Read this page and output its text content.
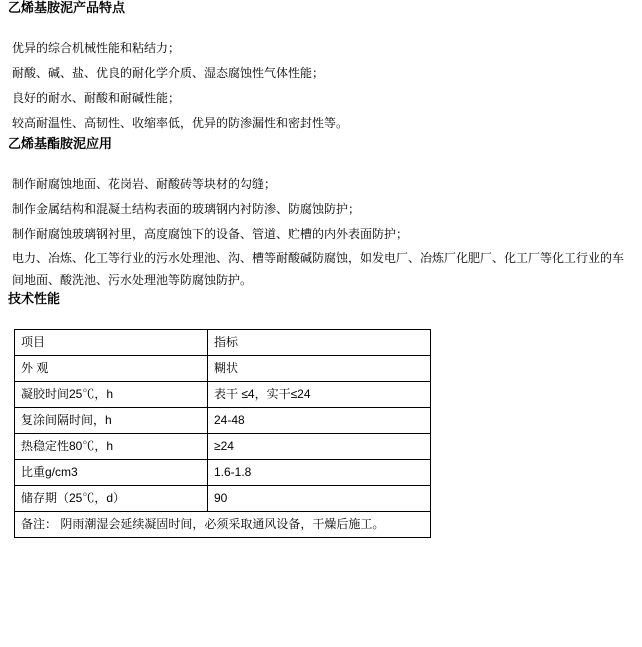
乙烯基胺泥产品特点

优异的综合机械性能和粘结力；

耐酸、碱、盐、优良的耐化学介质、湿态腐蚀性气体性能；

良好的耐水、耐酸和耐碱性能；

较高耐温性、高韧性、收缩率低，优异的防渗漏性和密封性等。

乙烯基酯胺泥应用

制作耐腐蚀地面、花岗岩、耐酸砖等块材的勾缝；

制作金属结构和混凝土结构表面的玻璃钢内衬防渗、防腐蚀防护；

制作耐腐蚀玻璃钢衬里，高度腐蚀下的设备、管道、贮槽的内外表面防护；

电力、冶炼、化工等行业的污水处理池、沟、槽等耐酸碱防腐蚀，如发电厂、冶炼厂化肥厂、化工厂等化工行业的车间地面、酸洗池、污水处理池等防腐蚀防护。

技术性能
项目	指标
外 观	糊状
凝胶时间25℃，h	表干 ≤4，实干≤24
复涂间隔时间，h	24-48
热稳定性80℃，h	≥24
比重g/cm3	1.6-1.8
储存期（25℃，d）	90
备注： 阴雨潮湿会延续凝固时间，必须采取通风设备，干燥后施工。	
